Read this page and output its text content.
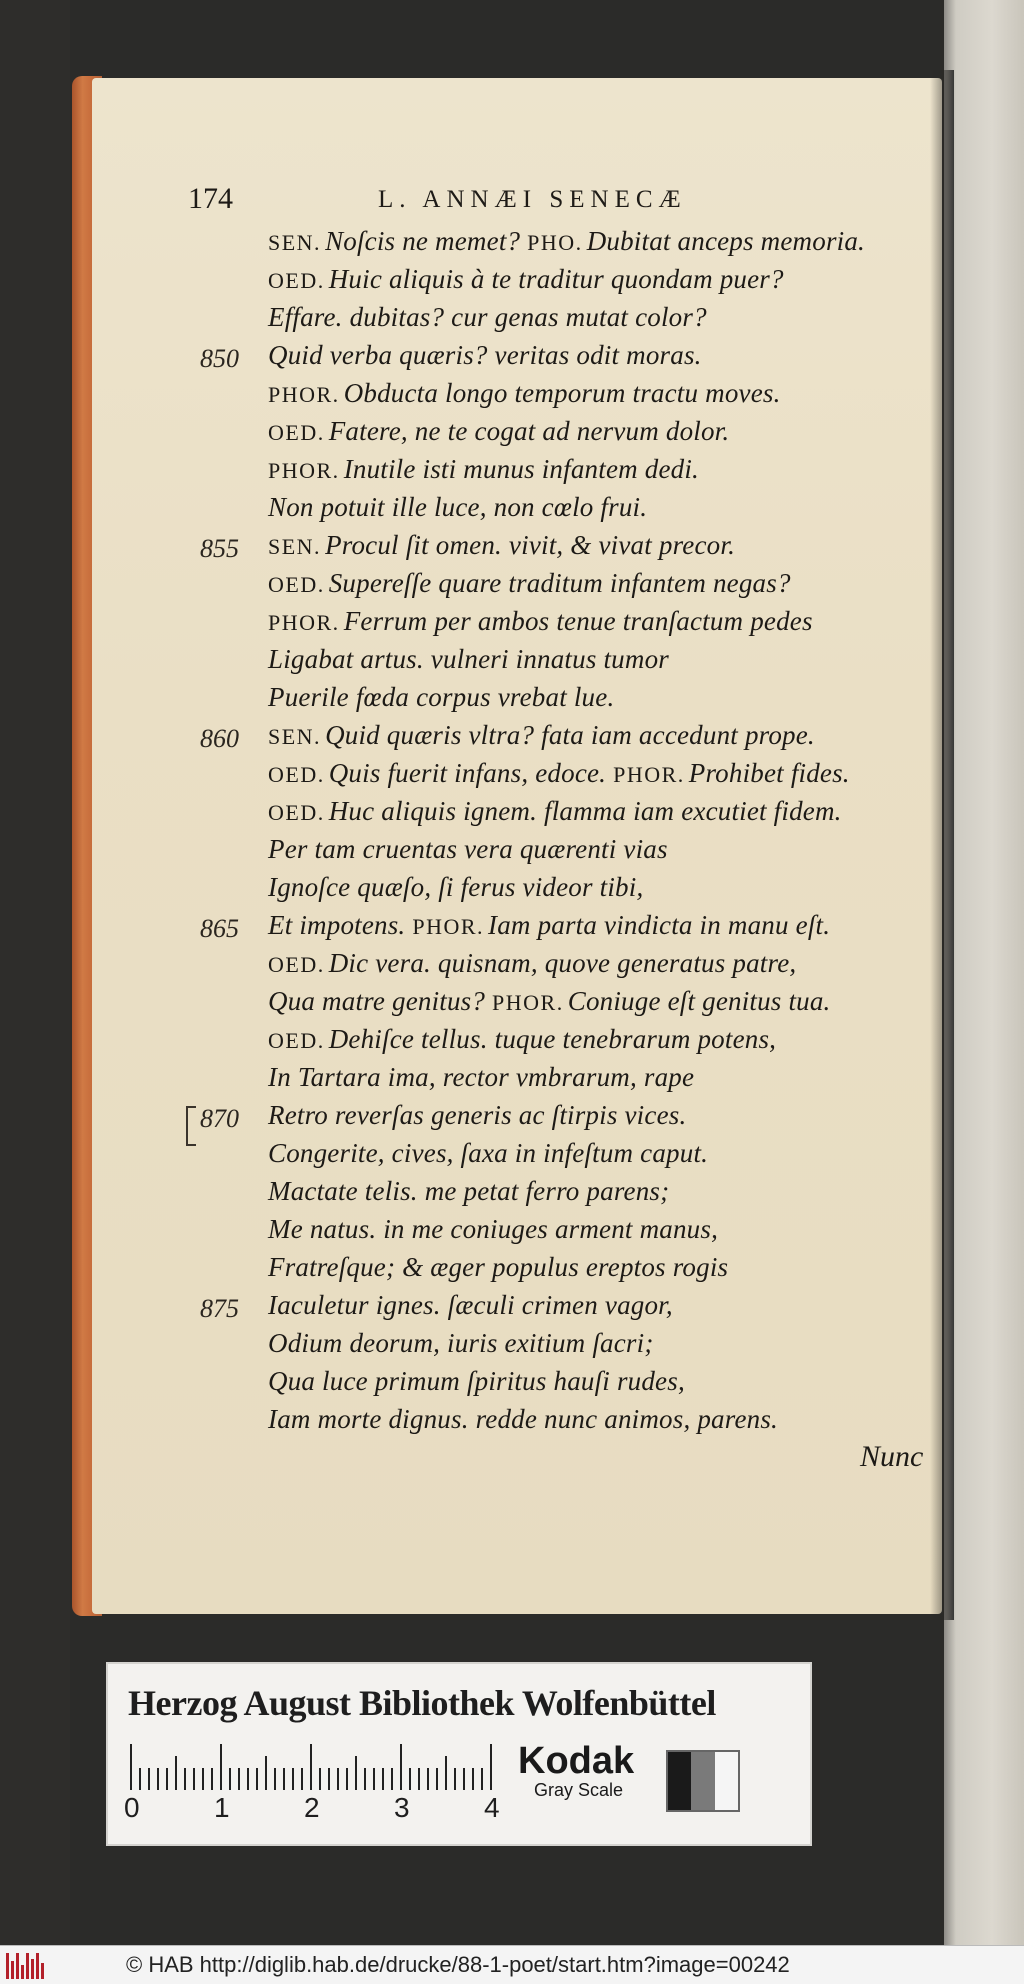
174	L. ANNÆI SENECÆ
SEN. Noſcis ne memet? PHO. Dubitat anceps memoria.
OED. Huic aliquis à te traditur quondam puer?
Effare. dubitas? cur genas mutat color?
850 Quid verba quæris? veritas odit moras.
PHOR. Obducta longo temporum tractu moves.
OED. Fatere, ne te cogat ad nervum dolor.
PHOR. Inutile isti munus infantem dedi.
Non potuit ille luce, non cœlo frui.
855 SEN. Procul ſit omen. vivit, & vivat precor.
OED. Supereſſe quare traditum infantem negas?
PHOR. Ferrum per ambos tenue tranſactum pedes
Ligabat artus. vulneri innatus tumor
Puerile fœda corpus vrebat lue.
860 SEN. Quid quæris vltra? fata iam accedunt prope.
OED. Quis fuerit infans, edoce. PHOR. Prohibet fides.
OED. Huc aliquis ignem. flamma iam excutiet fidem.
Per tam cruentas vera quærenti vias
Ignoſce quæſo, ſi ferus videor tibi,
865 Et impotens. PHOR. Iam parta vindicta in manu eſt.
OED. Dic vera. quisnam, quove generatus patre,
Qua matre genitus? PHOR. Coniuge eſt genitus tua.
OED. Dehiſce tellus. tuque tenebrarum potens,
In Tartara ima, rector vmbrarum, rape
870 Retro reverſas generis ac ſtirpis vices.
Congerite, cives, ſaxa in infeſtum caput.
Mactate telis. me petat ferro parens;
Me natus. in me coniuges arment manus,
Fratreſque; & æger populus ereptos rogis
875 Iaculetur ignes. ſæculi crimen vagor,
Odium deorum, iuris exitium ſacri;
Qua luce primum ſpiritus hauſi rudes,
Iam morte dignus. redde nunc animos, parens.
Nunc
Herzog August Bibliothek Wolfenbüttel
0	1	2	3	4
Kodak
Gray Scale
© HAB http://diglib.hab.de/drucke/88-1-poet/start.htm?image=00242
